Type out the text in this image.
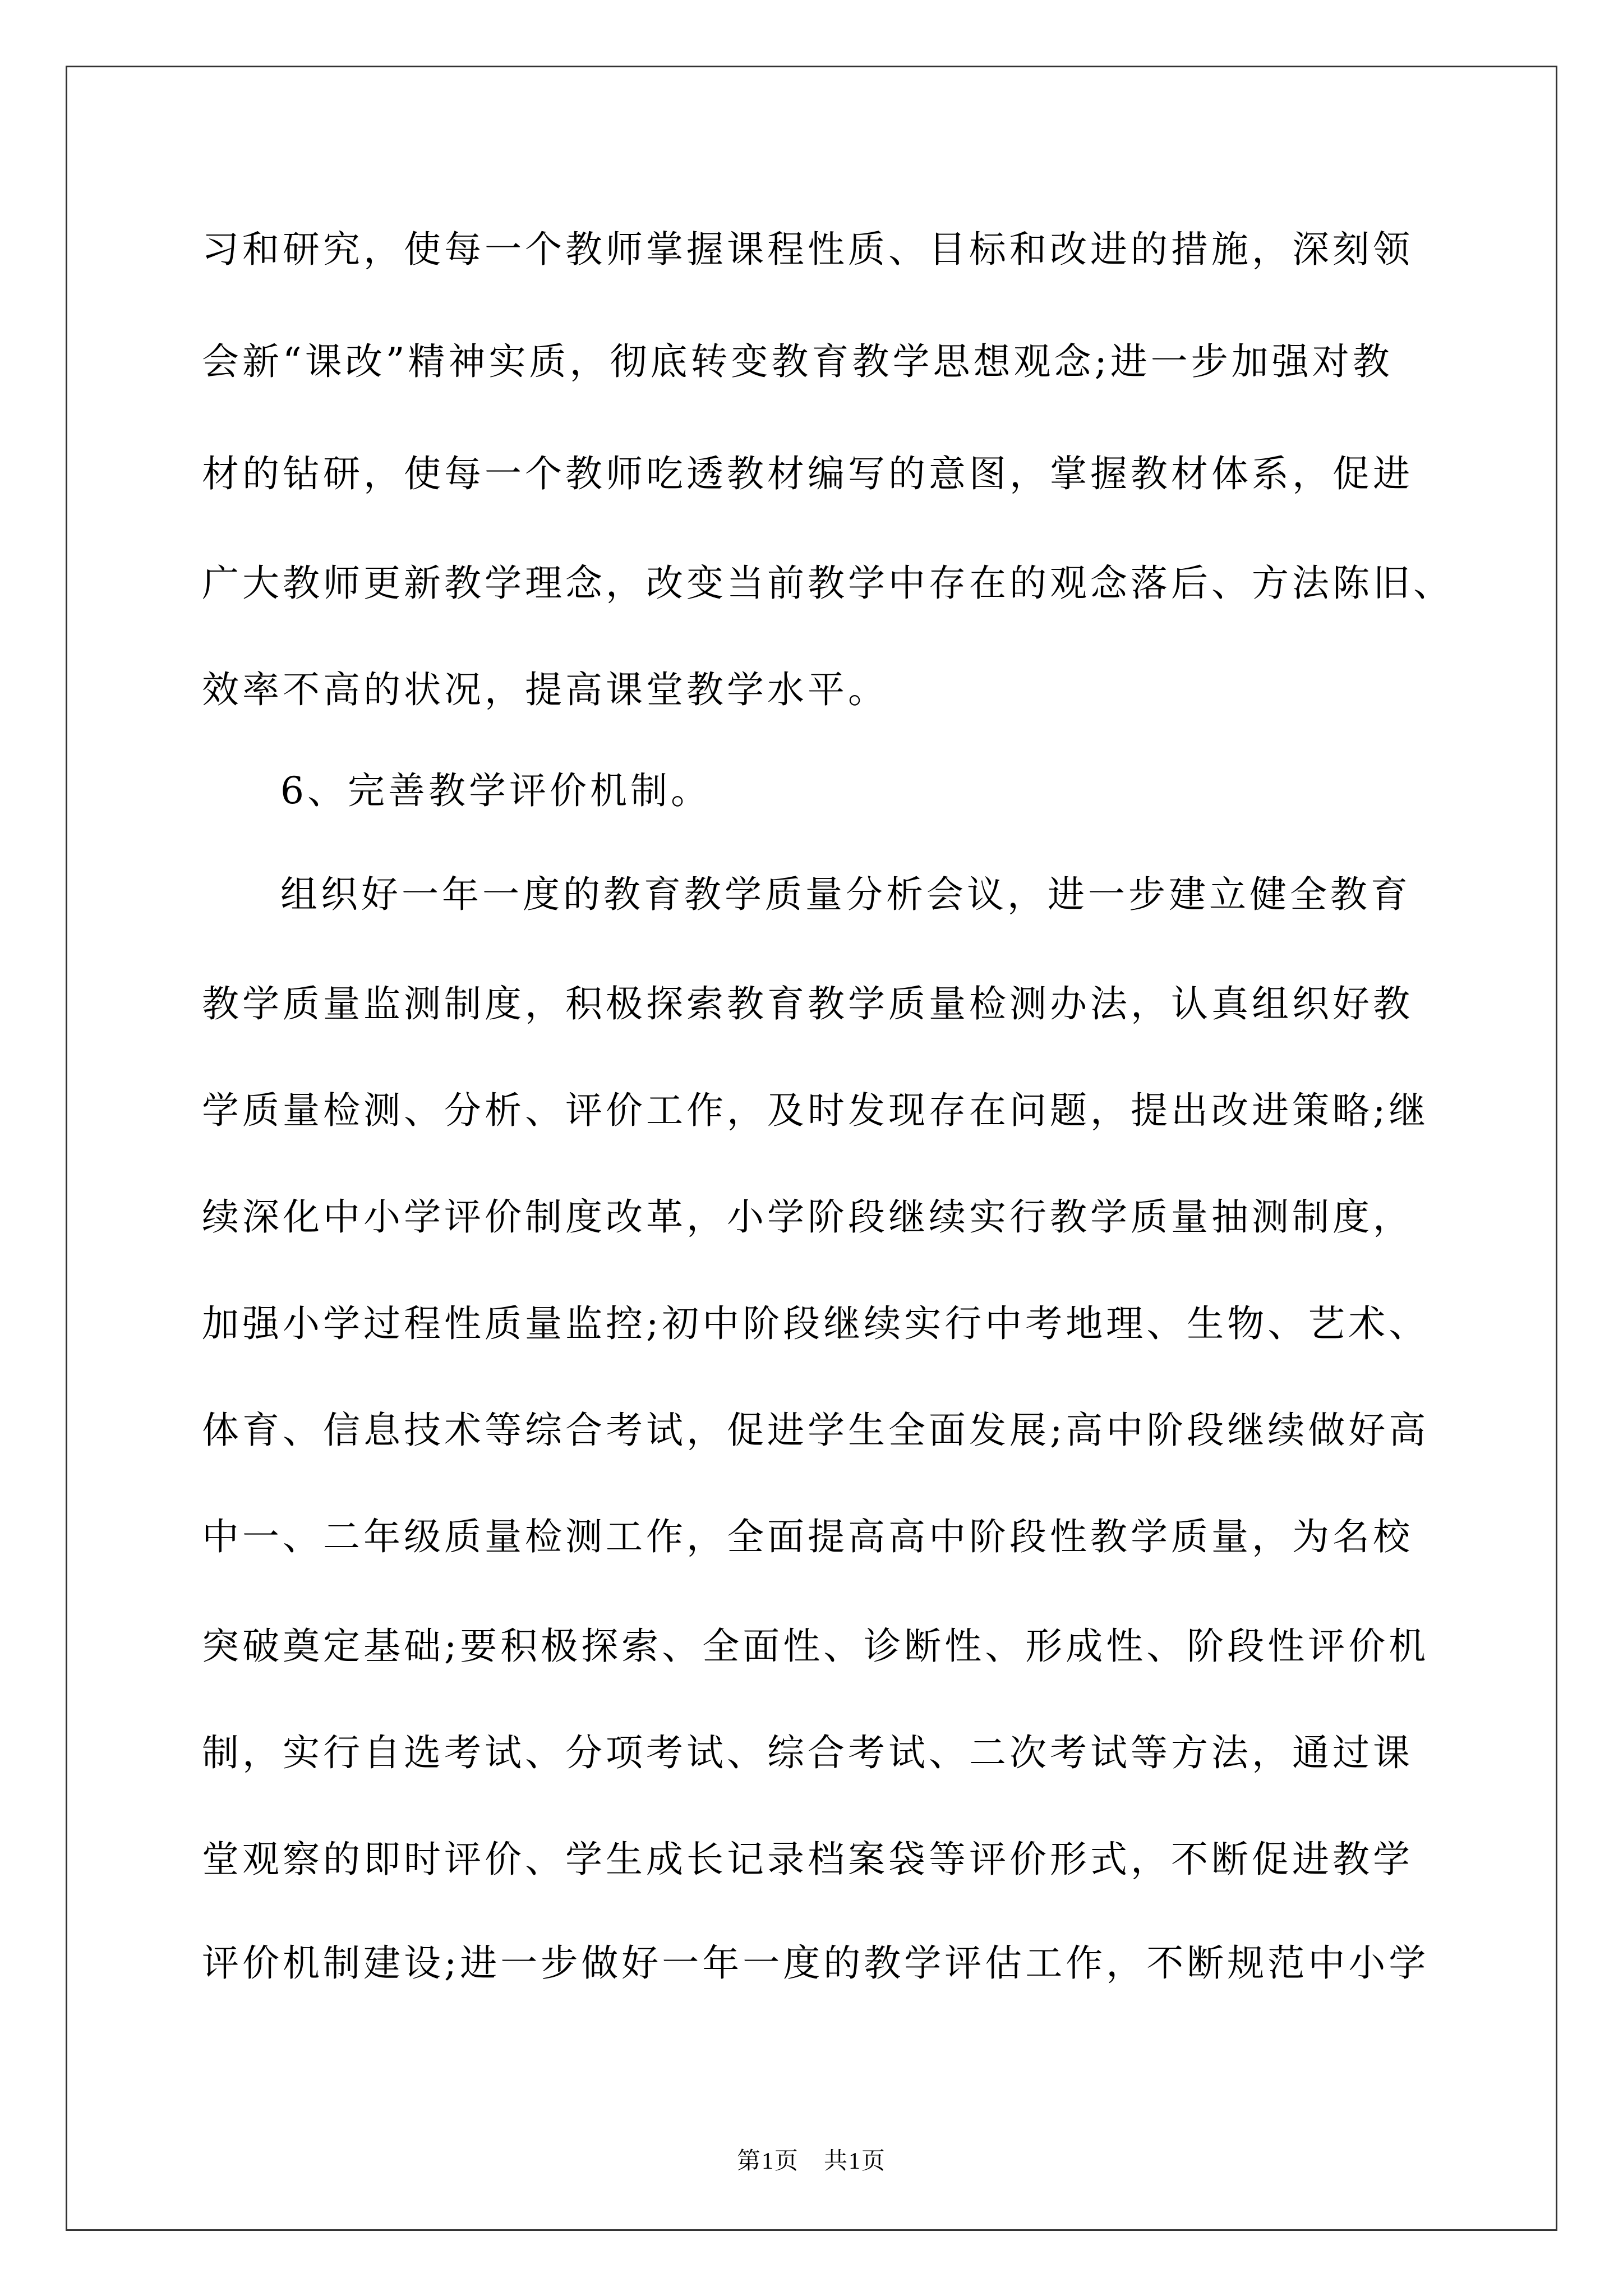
习和研究，使每一个教师掌握课程性质、目标和改进的措施，深刻领
会新“课改”精神实质，彻底转变教育教学思想观念;进一步加强对教
材的钻研，使每一个教师吃透教材编写的意图，掌握教材体系，促进
广大教师更新教学理念，改变当前教学中存在的观念落后、方法陈旧、
效率不高的状况，提高课堂教学水平。
6、完善教学评价机制。
组织好一年一度的教育教学质量分析会议，进一步建立健全教育
教学质量监测制度，积极探索教育教学质量检测办法，认真组织好教
学质量检测、分析、评价工作，及时发现存在问题，提出改进策略;继
续深化中小学评价制度改革，小学阶段继续实行教学质量抽测制度，
加强小学过程性质量监控;初中阶段继续实行中考地理、生物、艺术、
体育、信息技术等综合考试，促进学生全面发展;高中阶段继续做好高
中一、二年级质量检测工作，全面提高高中阶段性教学质量，为名校
突破奠定基础;要积极探索、全面性、诊断性、形成性、阶段性评价机
制，实行自选考试、分项考试、综合考试、二次考试等方法，通过课
堂观察的即时评价、学生成长记录档案袋等评价形式，不断促进教学
评价机制建设;进一步做好一年一度的教学评估工作，不断规范中小学
第1页　共1页
